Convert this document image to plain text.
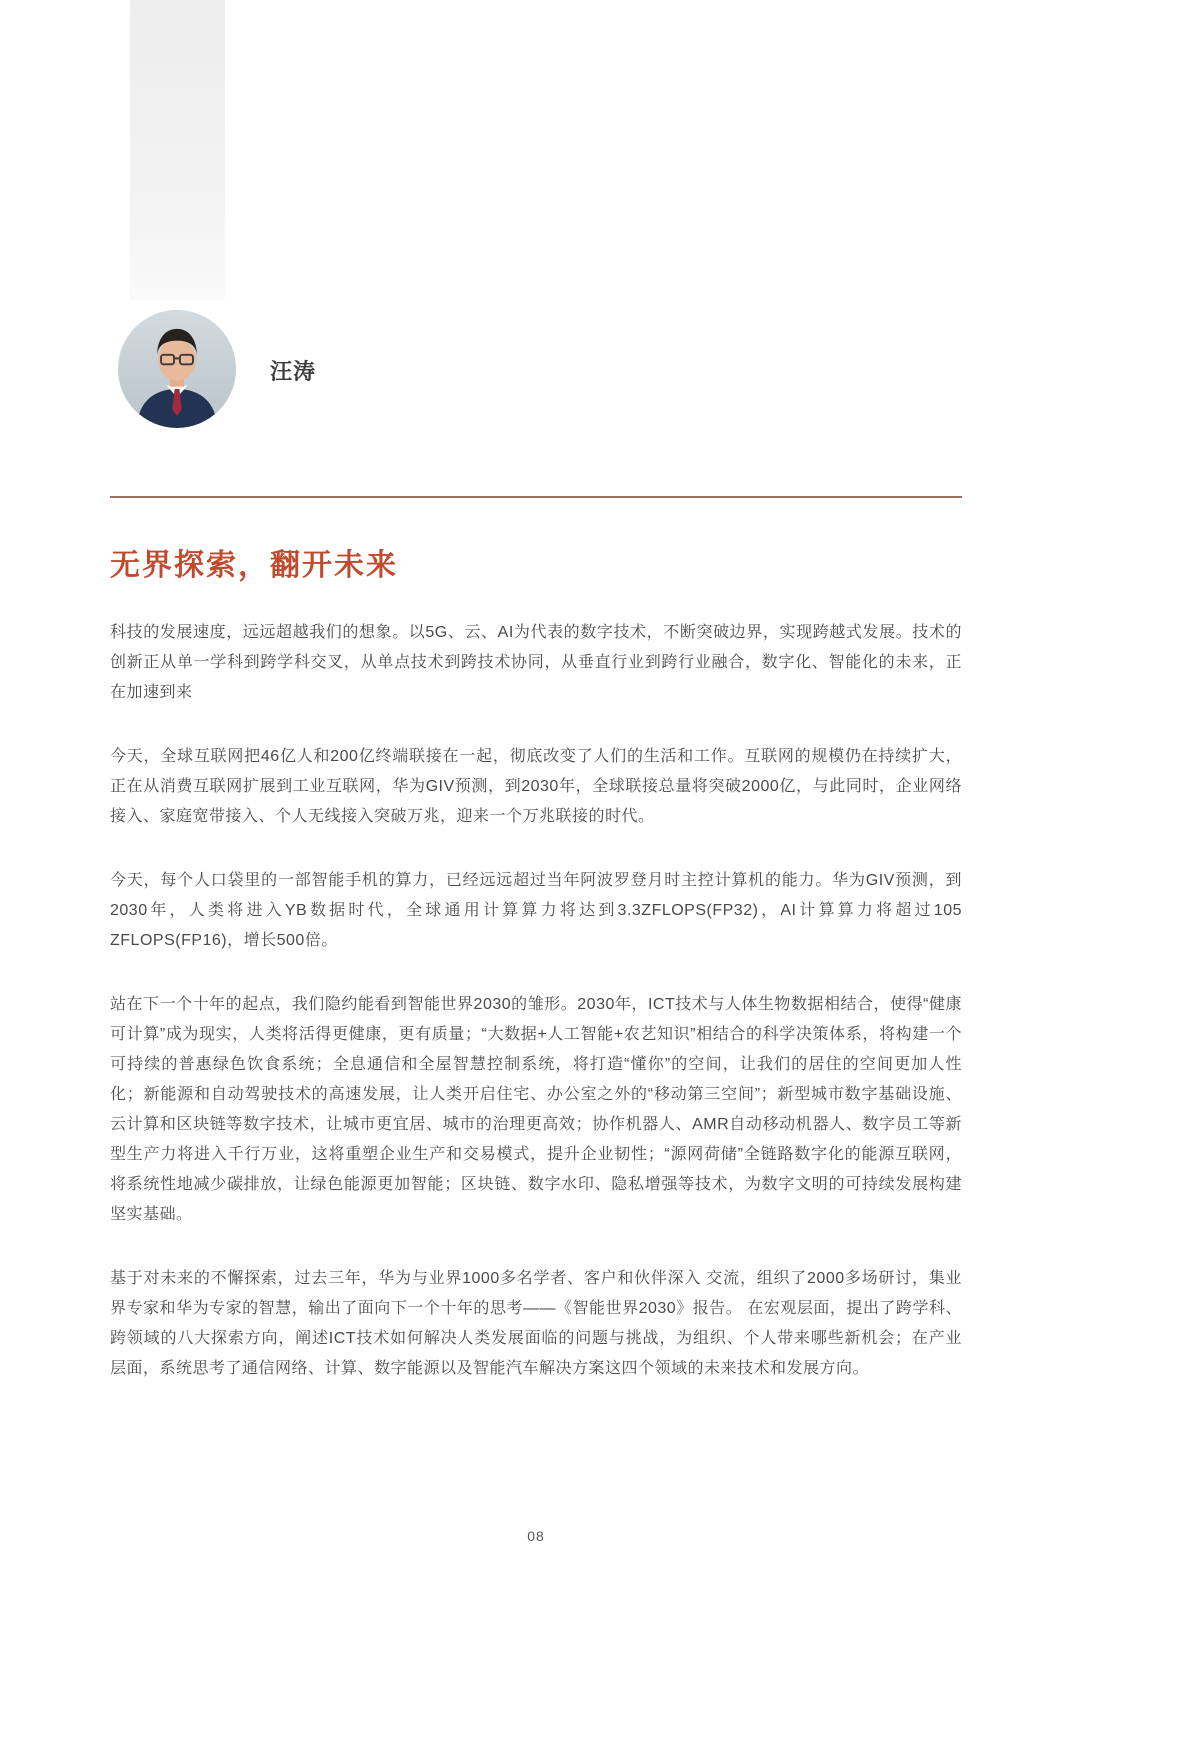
汪涛
无界探索，翻开未来

科技的发展速度，远远超越我们的想象。以5G、云、AI为代表的数字技术，不断突破边界，实现跨越式发展。技术的创新正从单一学科到跨学科交叉，从单点技术到跨技术协同，从垂直行业到跨行业融合，数字化、智能化的未来，正在加速到来

今天，全球互联网把46亿人和200亿终端联接在一起，彻底改变了人们的生活和工作。互联网的规模仍在持续扩大，正在从消费互联网扩展到工业互联网，华为GIV预测，到2030年，全球联接总量将突破2000亿，与此同时，企业网络接入、家庭宽带接入、个人无线接入突破万兆，迎来一个万兆联接的时代。

今天，每个人口袋里的一部智能手机的算力，已经远远超过当年阿波罗登月时主控计算机的能力。华为GIV预测，到2030年，人类将进入YB数据时代，全球通用计算算力将达到3.3ZFLOPS(FP32)，AI计算算力将超过105 ZFLOPS(FP16)，增长500倍。

站在下一个十年的起点，我们隐约能看到智能世界2030的雏形。2030年，ICT技术与人体生物数据相结合，使得“健康可计算”成为现实，人类将活得更健康，更有质量；“大数据+人工智能+农艺知识”相结合的科学决策体系，将构建一个可持续的普惠绿色饮食系统；全息通信和全屋智慧控制系统，将打造“懂你”的空间，让我们的居住的空间更加人性化；新能源和自动驾驶技术的高速发展，让人类开启住宅、办公室之外的“移动第三空间”；新型城市数字基础设施、云计算和区块链等数字技术，让城市更宜居、城市的治理更高效；协作机器人、AMR自动移动机器人、数字员工等新型生产力将进入千行万业，这将重塑企业生产和交易模式，提升企业韧性；“源网荷储”全链路数字化的能源互联网，将系统性地减少碳排放，让绿色能源更加智能；区块链、数字水印、隐私增强等技术，为数字文明的可持续发展构建坚实基础。

基于对未来的不懈探索，过去三年，华为与业界1000多名学者、客户和伙伴深入 交流，组织了2000多场研讨，集业界专家和华为专家的智慧，输出了面向下一个十年的思考——《智能世界2030》报告。 在宏观层面，提出了跨学科、跨领域的八大探索方向，阐述ICT技术如何解决人类发展面临的问题与挑战，为组织、个人带来哪些新机会；在产业层面，系统思考了通信网络、计算、数字能源以及智能汽车解决方案这四个领域的未来技术和发展方向。

08
